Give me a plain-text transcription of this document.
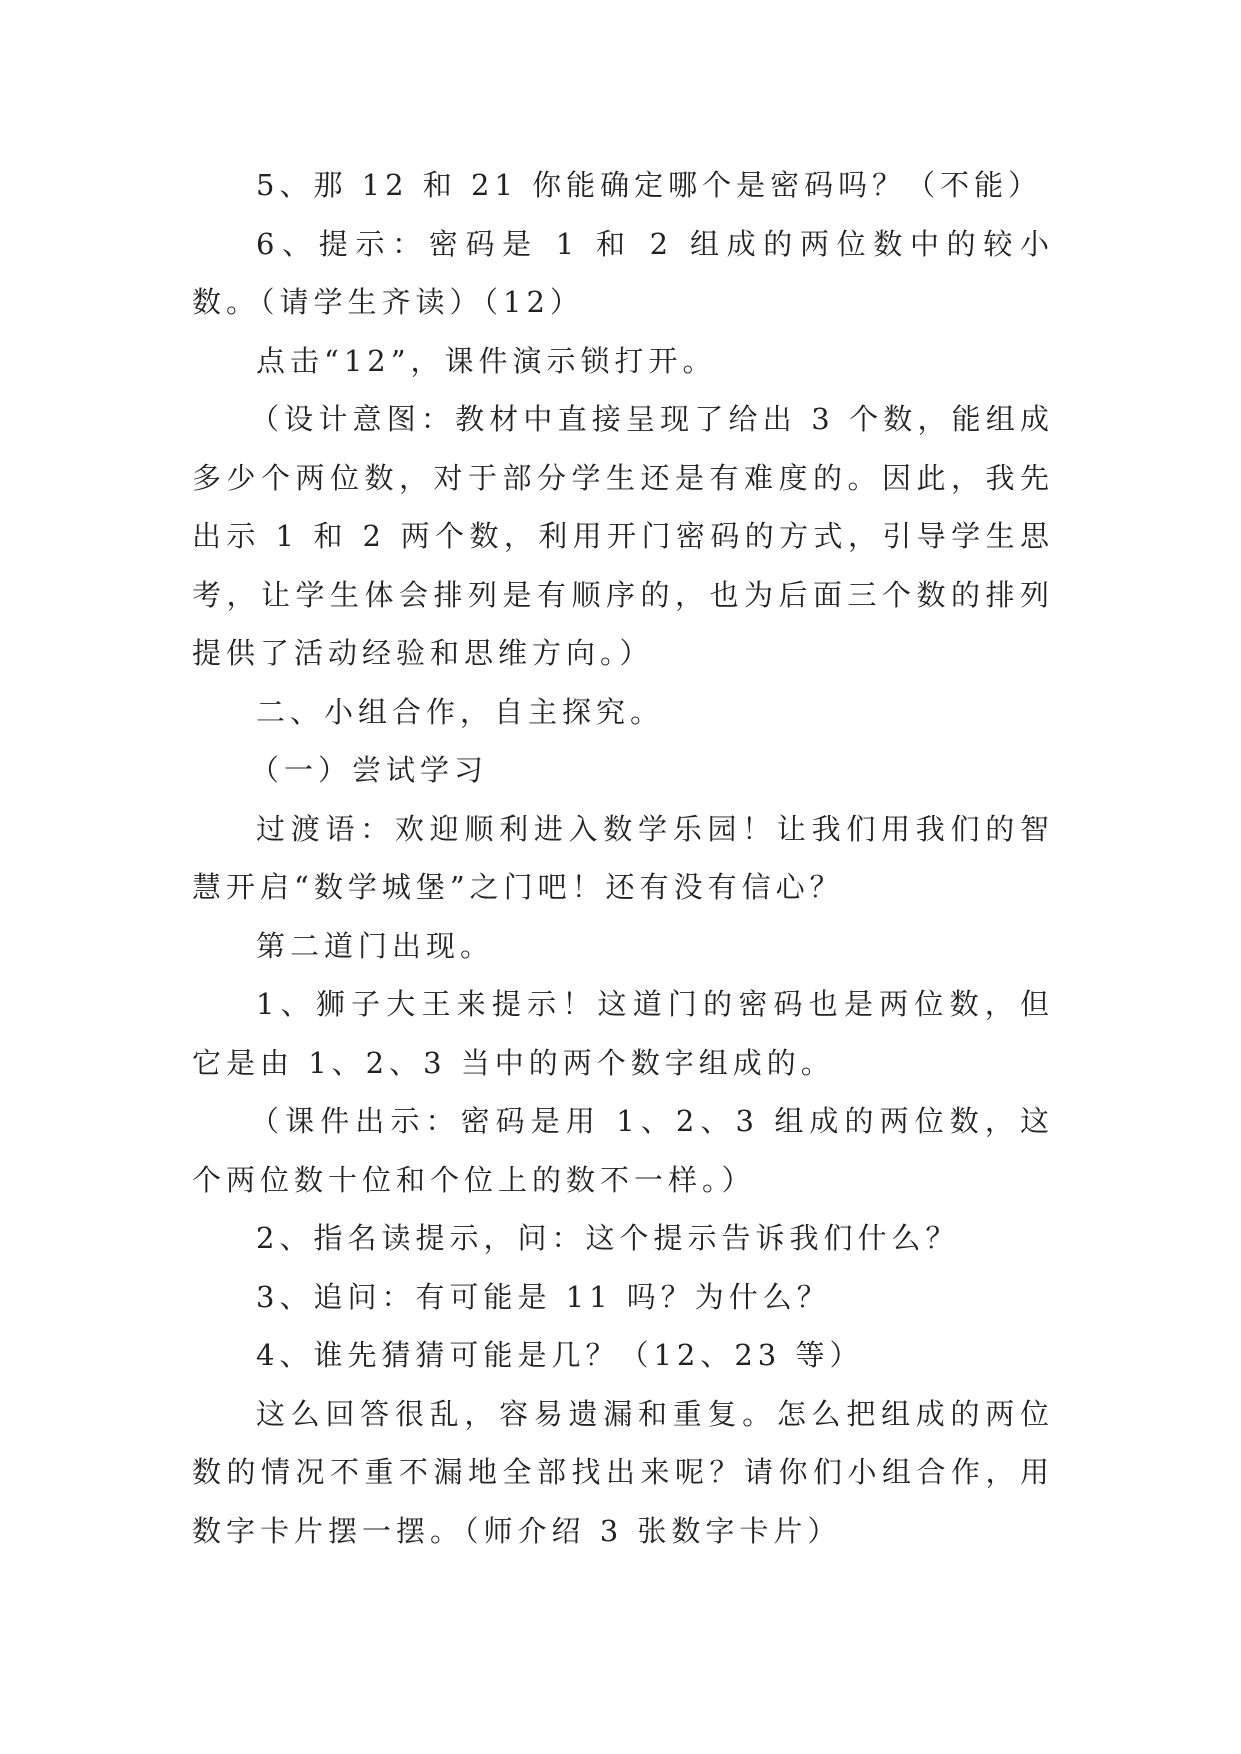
5、那 12 和 21 你能确定哪个是密码吗？（不能）

6、提示：密码是 1 和 2 组成的两位数中的较小数。（请学生齐读）（12）

点击“12”，课件演示锁打开。

（设计意图：教材中直接呈现了给出 3 个数，能组成多少个两位数，对于部分学生还是有难度的。因此，我先出示 1 和 2 两个数，利用开门密码的方式，引导学生思考，让学生体会排列是有顺序的，也为后面三个数的排列提供了活动经验和思维方向。）

二、小组合作，自主探究。

（一）尝试学习

过渡语：欢迎顺利进入数学乐园！让我们用我们的智慧开启“数学城堡”之门吧！还有没有信心？

第二道门出现。

1、狮子大王来提示！这道门的密码也是两位数，但它是由 1、2、3 当中的两个数字组成的。

（课件出示：密码是用 1、2、3 组成的两位数，这个两位数十位和个位上的数不一样。）

2、指名读提示，问：这个提示告诉我们什么？

3、追问：有可能是 11 吗？为什么？

4、谁先猜猜可能是几？（12、23 等）

这么回答很乱，容易遗漏和重复。怎么把组成的两位数的情况不重不漏地全部找出来呢？请你们小组合作，用数字卡片摆一摆。（师介绍 3 张数字卡片）
